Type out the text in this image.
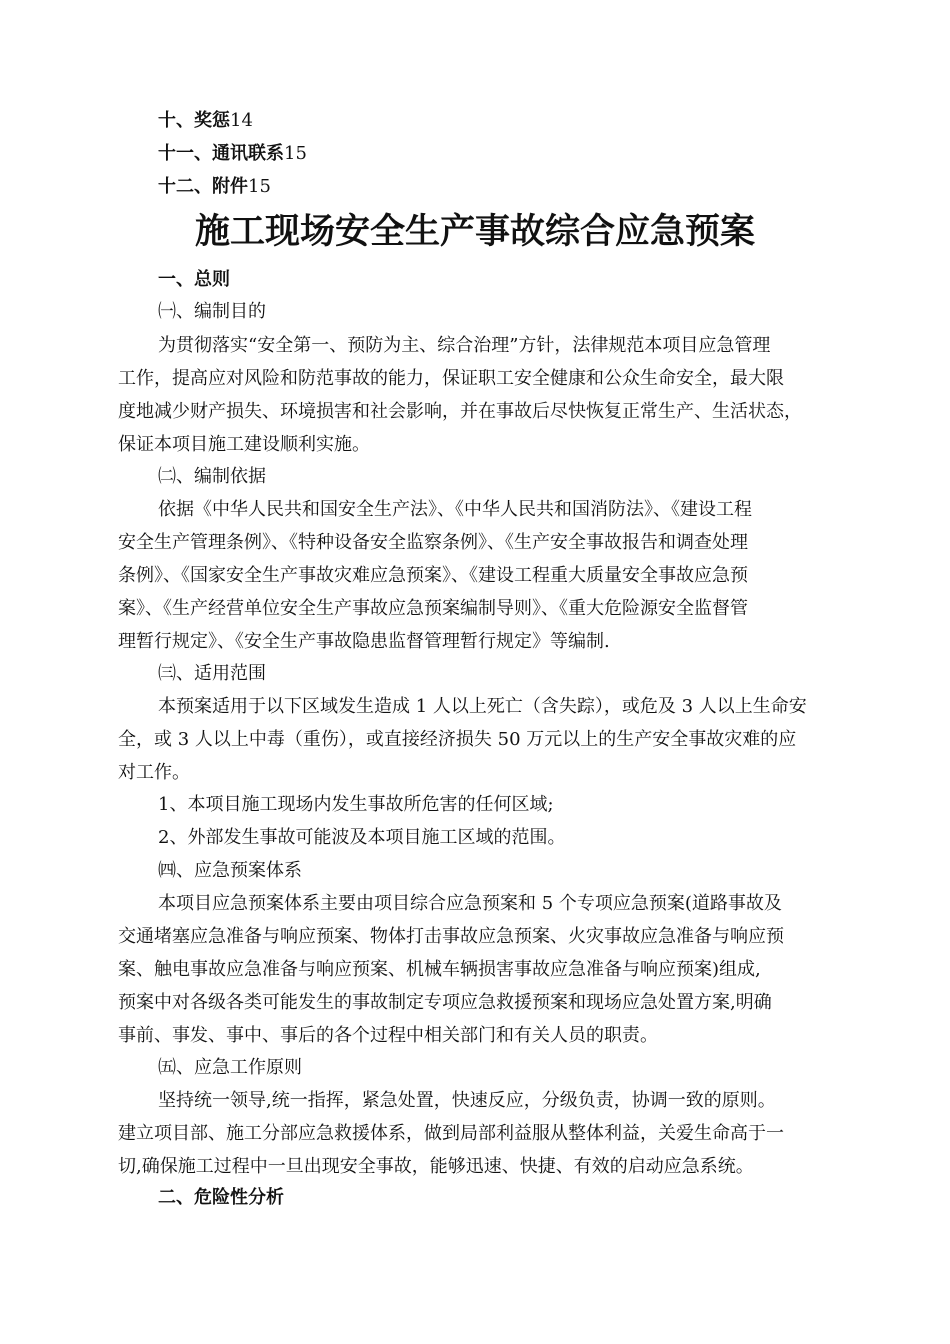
十、奖惩14
十一、通讯联系15
十二、附件15
施工现场安全生产事故综合应急预案
一、总则
㈠、编制目的
为贯彻落实“安全第一、预防为主、综合治理”方针，法律规范本项目应急管理
工作，提高应对风险和防范事故的能力，保证职工安全健康和公众生命安全，最大限
度地减少财产损失、环境损害和社会影响，并在事故后尽快恢复正常生产、生活状态，
保证本项目施工建设顺利实施。
㈡、编制依据
依据《中华人民共和国安全生产法》、《中华人民共和国消防法》、《建设工程
安全生产管理条例》、《特种设备安全监察条例》、《生产安全事故报告和调查处理
条例》、《国家安全生产事故灾难应急预案》、《建设工程重大质量安全事故应急预
案》、《生产经营单位安全生产事故应急预案编制导则》、《重大危险源安全监督管
理暂行规定》、《安全生产事故隐患监督管理暂行规定》等编制.
㈢、适用范围
本预案适用于以下区域发生造成 1 人以上死亡（含失踪），或危及 3 人以上生命安
全，或 3 人以上中毒（重伤），或直接经济损失 50 万元以上的生产安全事故灾难的应
对工作。
1、本项目施工现场内发生事故所危害的任何区域;
2、外部发生事故可能波及本项目施工区域的范围。
㈣、应急预案体系
本项目应急预案体系主要由项目综合应急预案和 5 个专项应急预案(道路事故及
交通堵塞应急准备与响应预案、物体打击事故应急预案、火灾事故应急准备与响应预
案、触电事故应急准备与响应预案、机械车辆损害事故应急准备与响应预案)组成,
预案中对各级各类可能发生的事故制定专项应急救援预案和现场应急处置方案,明确
事前、事发、事中、事后的各个过程中相关部门和有关人员的职责。
㈤、应急工作原则
坚持统一领导,统一指挥，紧急处置，快速反应，分级负责，协调一致的原则。
建立项目部、施工分部应急救援体系，做到局部利益服从整体利益，关爱生命高于一
切,确保施工过程中一旦出现安全事故，能够迅速、快捷、有效的启动应急系统。
二、危险性分析
